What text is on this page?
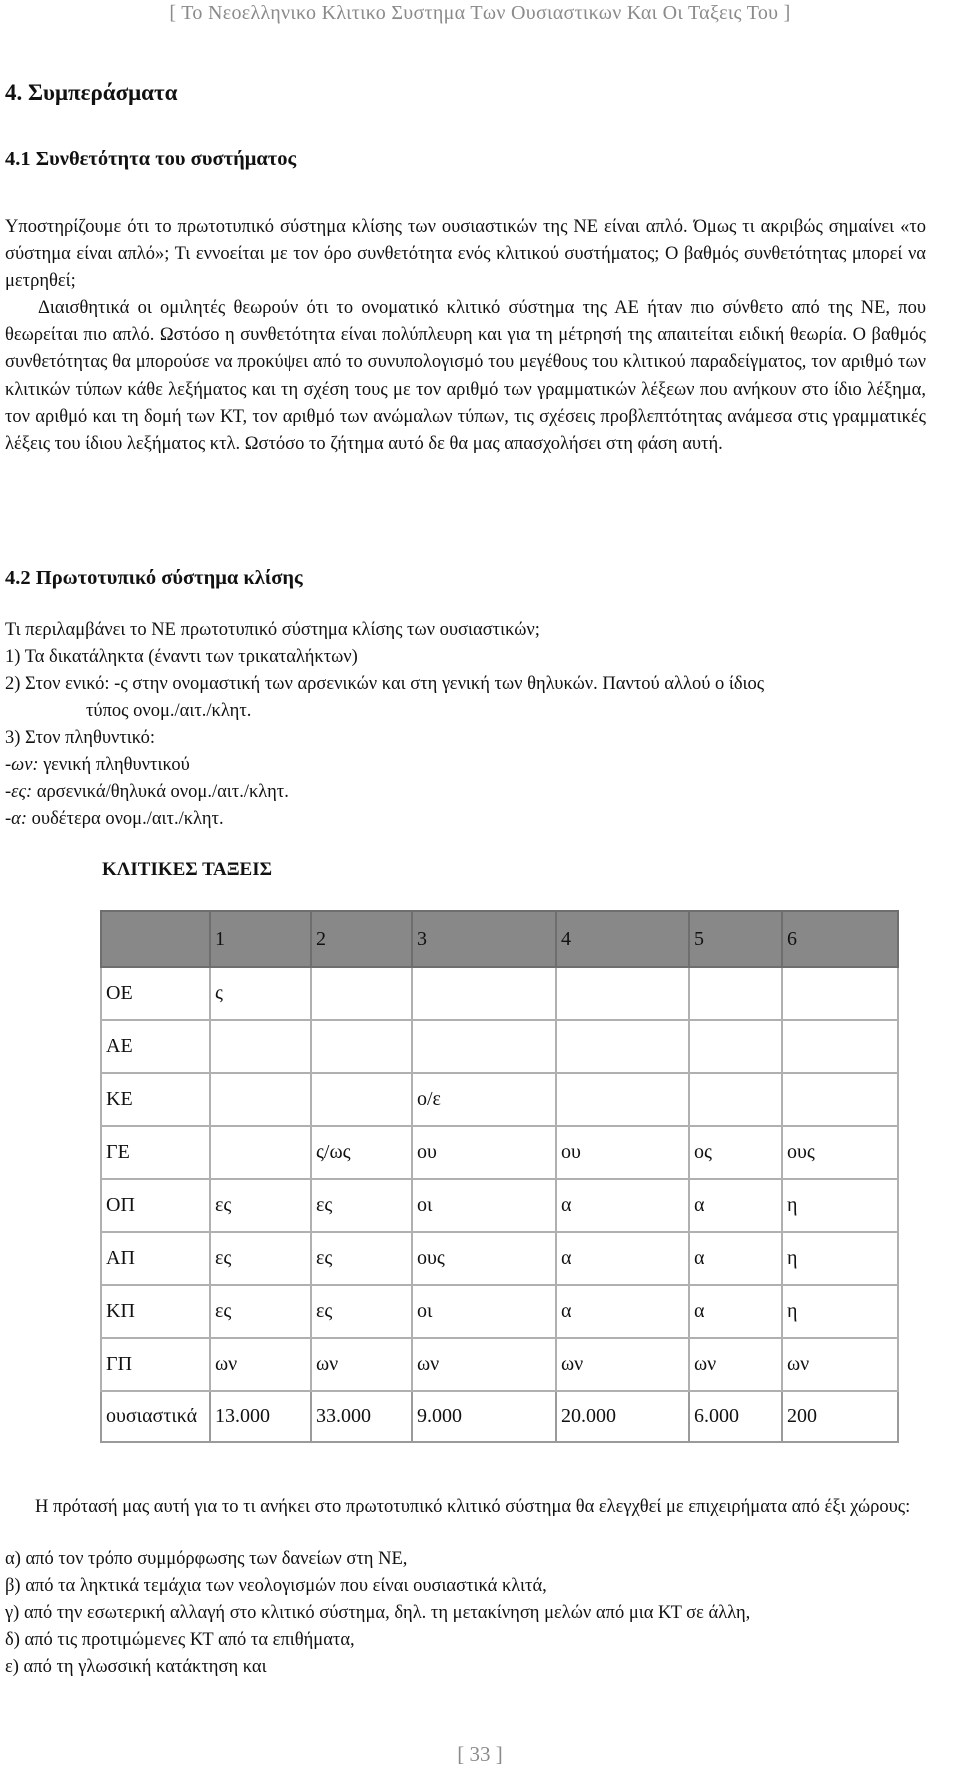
[ Το Νεοελληνικο Κλιτικο Συστημα Των Ουσιαστικων Και Οι Ταξεις Του ]
4. Συμπεράσματα
4.1 Συνθετότητα του συστήματος
Υποστηρίζουμε ότι το πρωτοτυπικό σύστημα κλίσης των ουσιαστικών της ΝΕ είναι απλό. Όμως τι ακριβώς σημαίνει «το σύστημα είναι απλό»; Τι εννοείται με τον όρο συνθετότητα ενός κλιτικού συστήματος; Ο βαθμός συνθετότητας μπορεί να μετρηθεί;
Διαισθητικά οι ομιλητές θεωρούν ότι το ονοματικό κλιτικό σύστημα της ΑΕ ήταν πιο σύνθετο από της ΝΕ, που θεωρείται πιο απλό. Ωστόσο η συνθετότητα είναι πολύπλευρη και για τη μέτρησή της απαιτείται ειδική θεωρία. Ο βαθμός συνθετότητας θα μπορούσε να προκύψει από το συνυπολογισμό του μεγέθους του κλιτικού παραδείγματος, τον αριθμό των κλιτικών τύπων κάθε λεξήματος και τη σχέση τους με τον αριθμό των γραμματικών λέξεων που ανήκουν στο ίδιο λέξημα, τον αριθμό και τη δομή των ΚΤ, τον αριθμό των ανώμαλων τύπων, τις σχέσεις προβλεπτότητας ανάμεσα στις γραμματικές λέξεις του ίδιου λεξήματος κτλ. Ωστόσο το ζήτημα αυτό δε θα μας απασχολήσει στη φάση αυτή.
4.2 Πρωτοτυπικό σύστημα κλίσης
Τι περιλαμβάνει το ΝΕ πρωτοτυπικό σύστημα κλίσης των ουσιαστικών;
1) Τα δικατάληκτα (έναντι των τρικαταλήκτων)
2) Στον ενικό: -ς στην ονομαστική των αρσενικών και στη γενική των θηλυκών. Παντού αλλού ο ίδιος
τύπος ονομ./αιτ./κλητ.
3) Στον πληθυντικό:
-ων: γενική πληθυντικού
-ες: αρσενικά/θηλυκά ονομ./αιτ./κλητ.
-α: ουδέτερα ονομ./αιτ./κλητ.
ΚΛΙΤΙΚΕΣ ΤΑΞΕΙΣ
	1	2	3	4	5	6
ΟΕ	ς					
ΑΕ						
ΚΕ			ο/ε			
ΓΕ		ς/ως	ου	ου	ος	ους
ΟΠ	ες	ες	οι	α	α	η
ΑΠ	ες	ες	ους	α	α	η
ΚΠ	ες	ες	οι	α	α	η
ΓΠ	ων	ων	ων	ων	ων	ων
ουσιαστικά	13.000	33.000	9.000	20.000	6.000	200
Η πρότασή μας αυτή για το τι ανήκει στο πρωτοτυπικό κλιτικό σύστημα θα ελεγχθεί με επιχειρήματα από έξι χώρους:
α) από τον τρόπο συμμόρφωσης των δανείων στη ΝΕ,
β) από τα ληκτικά τεμάχια των νεολογισμών που είναι ουσιαστικά κλιτά,
γ) από την εσωτερική αλλαγή στο κλιτικό σύστημα, δηλ. τη μετακίνηση μελών από μια ΚΤ σε άλλη,
δ) από τις προτιμώμενες ΚΤ από τα επιθήματα,
ε) από τη γλωσσική κατάκτηση και
[ 33 ]
